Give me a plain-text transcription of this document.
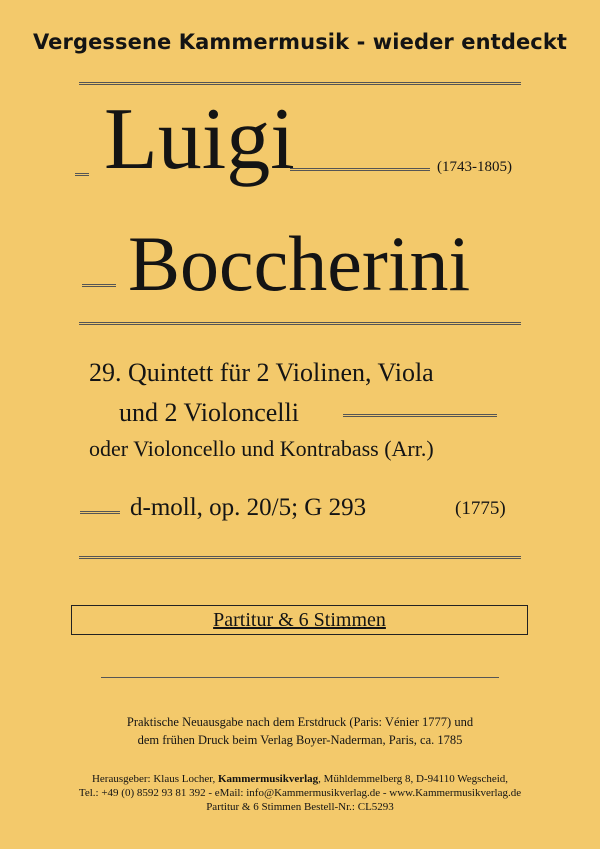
Vergessene Kammermusik - wieder entdeckt
Luigi	(1743-1805)
Boccherini
29. Quintett für 2 Violinen, Viola
und 2 Violoncelli
oder Violoncello und Kontrabass (Arr.)
d-moll, op. 20/5; G 293	(1775)
Partitur & 6 Stimmen
Praktische Neuausgabe nach dem Erstdruck (Paris: Vénier 1777) und
dem frühen Druck beim Verlag Boyer-Naderman, Paris, ca. 1785
Herausgeber: Klaus Locher, Kammermusikverlag, Mühldemmelberg 8, D-94110 Wegscheid,
Tel.: +49 (0) 8592 93 81 392 - eMail: info@Kammermusikverlag.de - www.Kammermusikverlag.de
Partitur & 6 Stimmen Bestell-Nr.: CL5293
